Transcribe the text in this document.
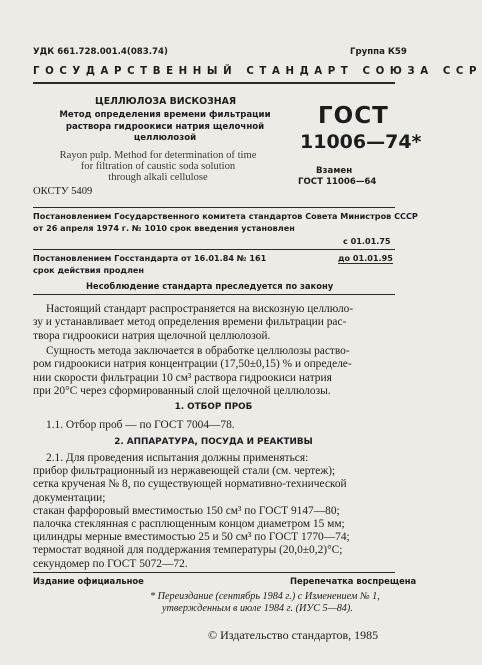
УДК 661.728.001.4(083.74)	Группа К59
ГОСУДАРСТВЕННЫЙ СТАНДАРТ СОЮЗА ССР
ЦЕЛЛЮЛОЗА ВИСКОЗНАЯ
Метод определения времени фильтрации
раствора гидроокиси натрия щелочной
целлюлозой
Rayon pulp. Method for determination of time
for filtration of caustic soda solution
through alkali cellulose
ОКСТУ 5409
ГОСТ
11006—74*
Взамен
ГОСТ 11006—64
Постановлением Государственного комитета стандартов Совета Министров СССР
от 26 апреля 1974 г. № 1010 срок введения установлен
с 01.01.75
Постановлением Госстандарта от 16.01.84 № 161
срок действия продлен
до 01.01.95
Несоблюдение стандарта преследуется по закону
Настоящий стандарт распространяется на вискозную целлюло-
зу и устанавливает метод определения времени фильтрации рас-
твора гидроокиси натрия щелочной целлюлозой.
Сущность метода заключается в обработке целлюлозы раство-
ром гидроокиси натрия концентрации (17,50±0,15) % и определе-
нии скорости фильтрации 10 см³ раствора гидроокиси натрия
при 20°С через сформированный слой щелочной целлюлозы.
1. ОТБОР ПРОБ
1.1. Отбор проб — по ГОСТ 7004—78.
2. АППАРАТУРА, ПОСУДА И РЕАКТИВЫ
2.1. Для проведения испытания должны применяться:
прибор фильтрационный из нержавеющей стали (см. чертеж);
сетка крученая № 8, по существующей нормативно-технической
документации;
стакан фарфоровый вместимостью 150 см³ по ГОСТ 9147—80;
палочка стеклянная с расплющенным концом диаметром 15 мм;
цилиндры мерные вместимостью 25 и 50 см³ по ГОСТ 1770—74;
термостат водяной для поддержания температуры (20,0±0,2)°С;
секундомер по ГОСТ 5072—72.
Издание официальное	Перепечатка воспрещена
* Переиздание (сентябрь 1984 г.) с Изменением № 1,
утвержденным в июле 1984 г. (ИУС 5—84).
© Издательство стандартов, 1985
